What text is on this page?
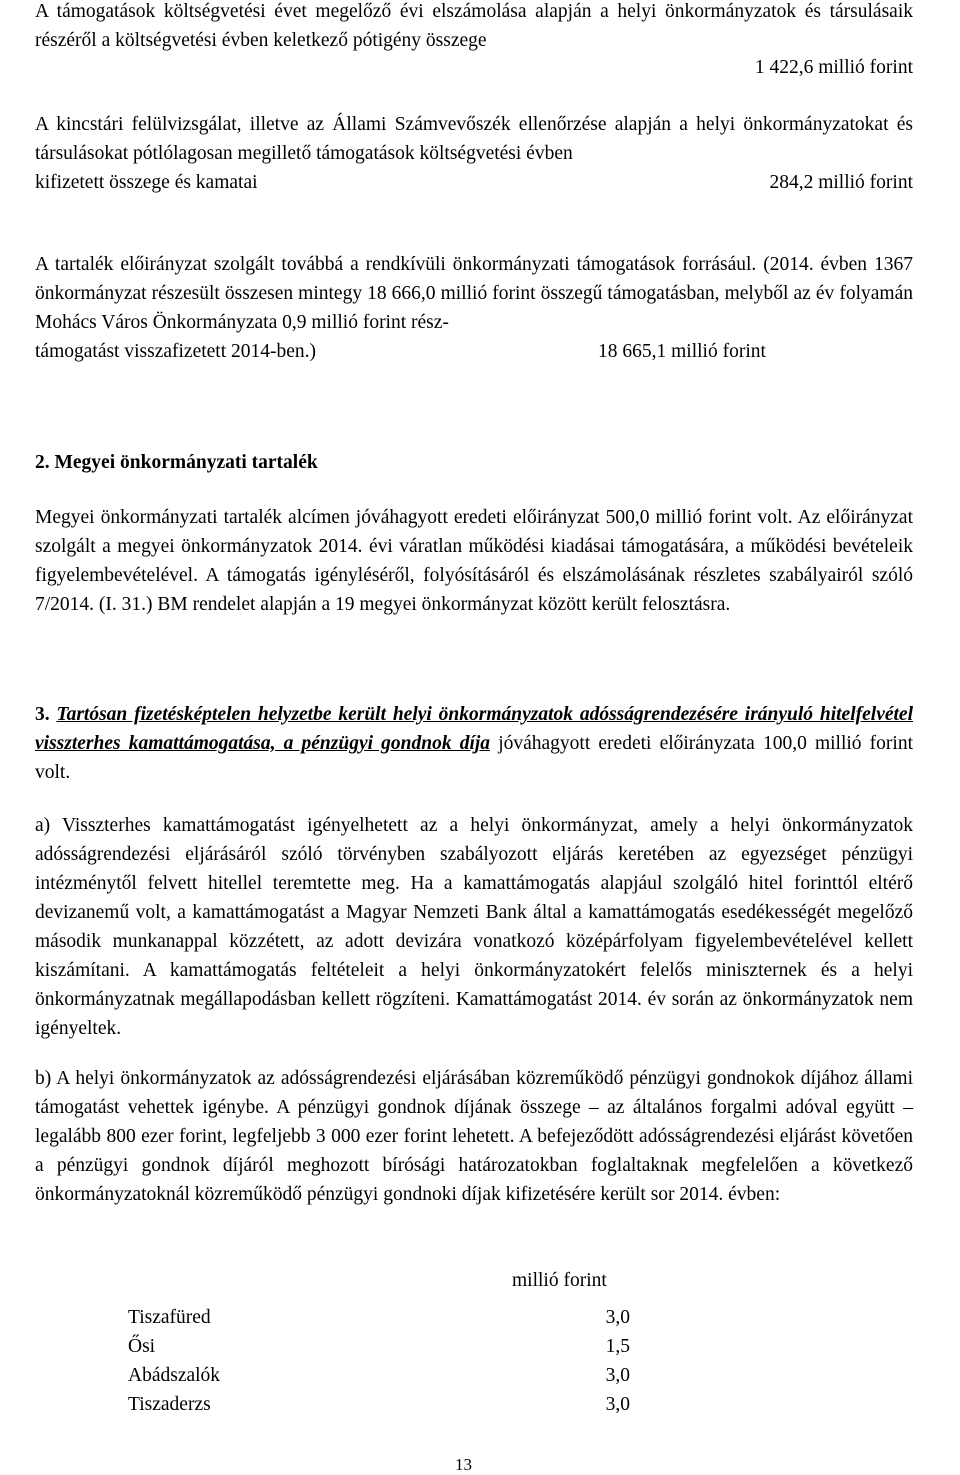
A támogatások költségvetési évet megelőző évi elszámolása alapján a helyi önkormányzatok és társulásaik részéről a költségvetési évben keletkező pótigény összege

1 422,6 millió forint

A kincstári felülvizsgálat, illetve az Állami Számvevőszék ellenőrzése alapján a helyi önkormányzatokat és társulásokat pótlólagosan megillető támogatások költségvetési évben

kifizetett összege és kamatai	284,2 millió forint

A tartalék előirányzat szolgált továbbá a rendkívüli önkormányzati támogatások forrásául. (2014. évben 1367 önkormányzat részesült összesen mintegy 18 666,0 millió forint összegű támogatásban, melyből az év folyamán Mohács Város Önkormányzata 0,9 millió forint rész-

támogatást visszafizetett 2014-ben.)	18 665,1 millió forint
2. Megyei önkormányzati tartalék

Megyei önkormányzati tartalék alcímen jóváhagyott eredeti előirányzat 500,0 millió forint volt. Az előirányzat szolgált a megyei önkormányzatok 2014. évi váratlan működési kiadásai támogatására, a működési bevételeik figyelembevételével. A támogatás igényléséről, folyósításáról és elszámolásának részletes szabályairól szóló 7/2014. (I. 31.) BM rendelet alapján a 19 megyei önkormányzat között került felosztásra.

3. Tartósan fizetésképtelen helyzetbe került helyi önkormányzatok adósságrendezésére irányuló hitelfelvétel visszterhes kamattámogatása, a pénzügyi gondnok díja jóváhagyott eredeti előirányzata 100,0 millió forint volt.

a) Visszterhes kamattámogatást igényelhetett az a helyi önkormányzat, amely a helyi önkormányzatok adósságrendezési eljárásáról szóló törvényben szabályozott eljárás keretében az egyezséget pénzügyi intézménytől felvett hitellel teremtette meg. Ha a kamattámogatás alapjául szolgáló hitel forinttól eltérő devizanemű volt, a kamattámogatást a Magyar Nemzeti Bank által a kamattámogatás esedékességét megelőző második munkanappal közzétett, az adott devizára vonatkozó középárfolyam figyelembevételével kellett kiszámítani. A kamattámogatás feltételeit a helyi önkormányzatokért felelős miniszternek és a helyi önkormányzatnak megállapodásban kellett rögzíteni. Kamattámogatást 2014. év során az önkormányzatok nem igényeltek.

b) A helyi önkormányzatok az adósságrendezési eljárásában közreműködő pénzügyi gondnokok díjához állami támogatást vehettek igénybe. A pénzügyi gondnok díjának összege – az általános forgalmi adóval együtt – legalább 800 ezer forint, legfeljebb 3 000 ezer forint lehetett. A befejeződött adósságrendezési eljárást követően a pénzügyi gondnok díjáról meghozott bírósági határozatokban foglaltaknak megfelelően a következő önkormányzatoknál közreműködő pénzügyi gondnoki díjak kifizetésére került sor 2014. évben:

millió forint
Tiszafüred	3,0
Ősi	1,5
Abádszalók	3,0
Tiszaderzs	3,0
13
